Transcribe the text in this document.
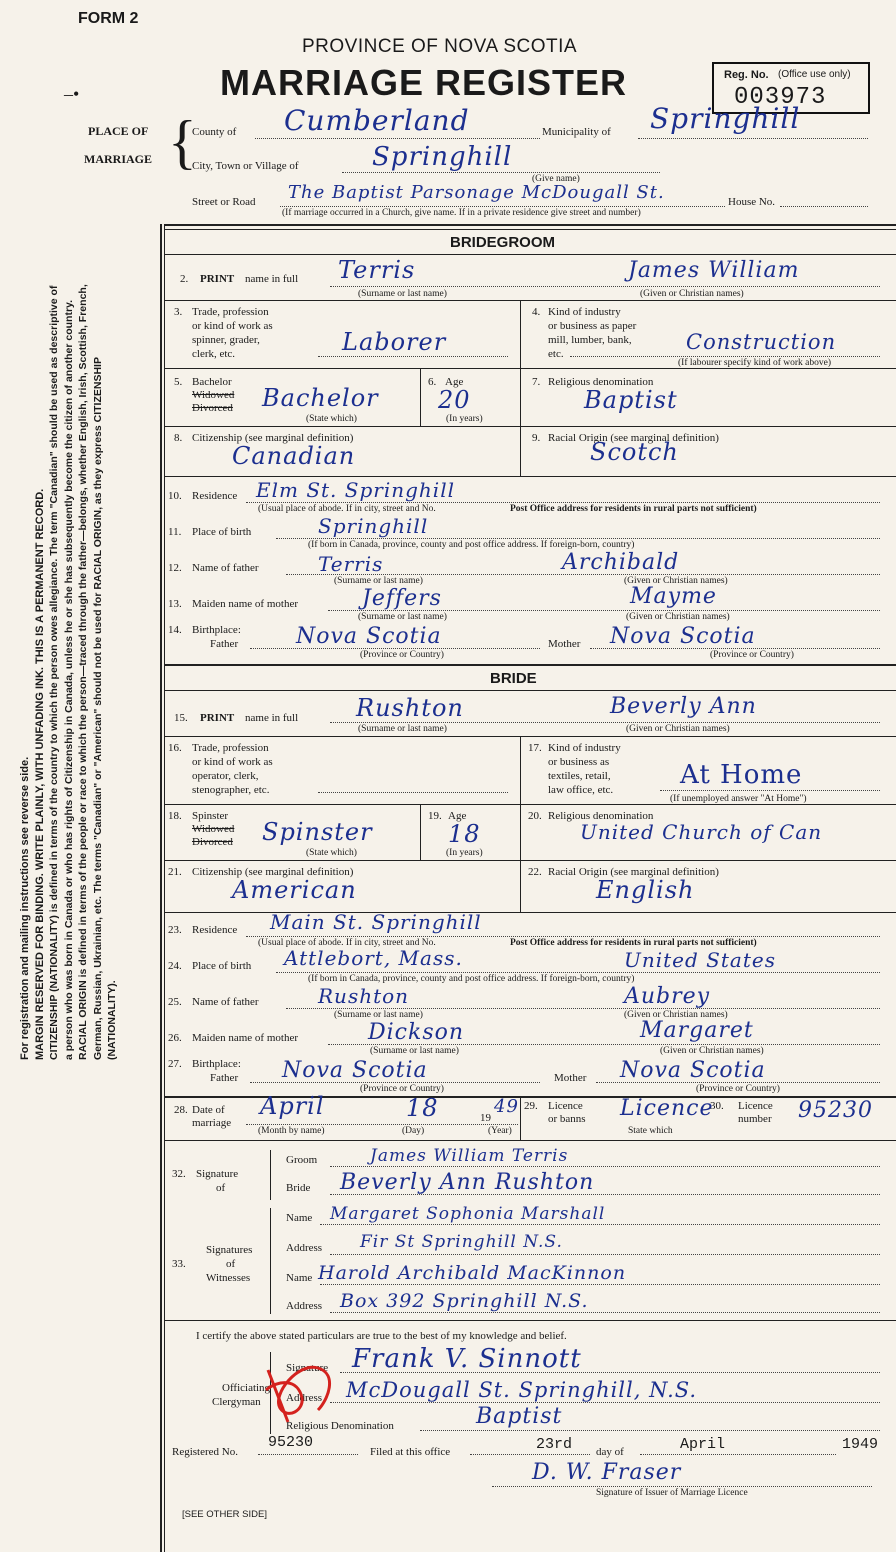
FORM 2
‒•
PROVINCE OF NOVA SCOTIA
MARRIAGE REGISTER	Reg. No. (Office use only)
003973
PLACE OF
MARRIAGE {
County of Cumberland	Municipality of Springhill
City, Town or Village of	Springhill
(Give name)
Street or Road The Baptist Parsonage McDougall St.	House No.
(If marriage occurred in a Church, give name. If in a private residence give street and number)
For registration and mailing instructions see reverse side. MARGIN RESERVED FOR BINDING. WRITE PLAINLY, WITH UNFADING INK. THIS IS A PERMANENT RECORD. CITIZENSHIP (NATIONALITY) is defined in terms of the country to which the person owes allegiance. The term "Canadian" should be used as descriptive of a person who was born in Canada or who has rights of Citizenship in Canada, unless he or she has subsequently become the citizen of another country. RACIAL ORIGIN is defined in terms of the people or race to which the person—traced through the father—belongs, whether English, Irish, Scottish, French, German, Russian, Ukrainian, etc. The terms "Canadian" or "American" should not be used for RACIAL ORIGIN, as they express CITIZENSHIP (NATIONALITY).
BRIDEGROOM
2. PRINT name in full Terris	James William
(Surname or last name)	(Given or Christian names)
3. Trade, profession
or kind of work as
spinner, grader,
clerk, etc.	Laborer
4. Kind of industry
or business as paper
mill, lumber, bank,
etc.	Construction
(If labourer specify kind of work above)
5. Bachelor
Widowed
Divorced Bachelor
(State which)
6. Age
20
(In years)
7. Religious denomination
Baptist
8. Citizenship (see marginal definition)
Canadian
9. Racial Origin (see marginal definition)
Scotch
10. Residence Elm St. Springhill
(Usual place of abode. If in city, street and No.	Post Office address for residents in rural parts not sufficient)
11. Place of birth	Springhill
(If born in Canada, province, county and post office address. If foreign-born, country)
12. Name of father	Terris	Archibald
(Surname or last name)	(Given or Christian names)
13. Maiden name of mother	Jeffers	Mayme
(Surname or last name)	(Given or Christian names)
14. Birthplace:
Father	Nova Scotia	Mother Nova Scotia
(Province or Country)	(Province or Country)
BRIDE
15. PRINT name in full Rushton	Beverly Ann
(Surname or last name)	(Given or Christian names)
16. Trade, profession
or kind of work as
operator, clerk,
stenographer, etc.
17. Kind of industry
or business as
textiles, retail,
law office, etc.	At Home
(If unemployed answer "At Home")
18. Spinster
Widowed
Divorced Spinster
(State which)
19. Age
18
(In years)
20. Religious denomination
United Church of Can
21. Citizenship (see marginal definition)
American
22. Racial Origin (see marginal definition)
English
23. Residence Main St. Springhill
(Usual place of abode. If in city, street and No.	Post Office address for residents in rural parts not sufficient)
24. Place of birth Attlebort, Mass.	United States
(If born in Canada, province, county and post office address. If foreign-born, country)
25. Name of father	Rushton	Aubrey
(Surname or last name)	(Given or Christian names)
26. Maiden name of mother	Dickson	Margaret
(Surname or last name)	(Given or Christian names)
27. Birthplace:
Father Nova Scotia	Mother Nova Scotia
(Province or Country)	(Province or Country)
28. Date of
marriage
April	18	19
49
(Month by name)	(Day)	(Year)
29. Licence
or banns Licence
State which
30. Licence
number 95230
32. Signature
of
Groom	James William Terris
Bride Beverly Ann Rushton
33.
Signatures
of
Witnesses
Name Margaret Sophonia Marshall
Address Fir St Springhill N.S.
Name Harold Archibald MacKinnon
Address Box 392 Springhill N.S.
I certify the above stated particulars are true to the best of my knowledge and belief.
Officiating
Clergyman
Signature Frank V. Sinnott
Address McDougall St. Springhill, N.S.
Religious Denomination	Baptist
Registered No.
95230
Filed at this office	23rd day of	April	1949
D. W. Fraser
Signature of Issuer of Marriage Licence
[SEE OTHER SIDE]
